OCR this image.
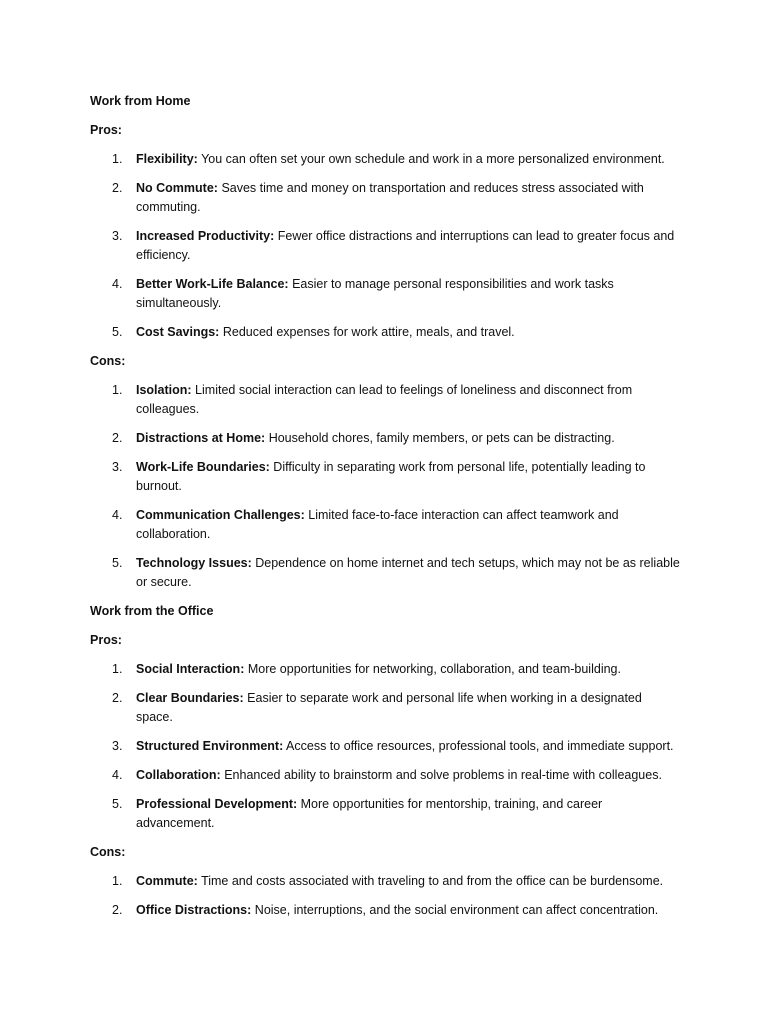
Work from Home
Pros:
1. Flexibility: You can often set your own schedule and work in a more personalized environment.
2. No Commute: Saves time and money on transportation and reduces stress associated with commuting.
3. Increased Productivity: Fewer office distractions and interruptions can lead to greater focus and efficiency.
4. Better Work-Life Balance: Easier to manage personal responsibilities and work tasks simultaneously.
5. Cost Savings: Reduced expenses for work attire, meals, and travel.
Cons:
1. Isolation: Limited social interaction can lead to feelings of loneliness and disconnect from colleagues.
2. Distractions at Home: Household chores, family members, or pets can be distracting.
3. Work-Life Boundaries: Difficulty in separating work from personal life, potentially leading to burnout.
4. Communication Challenges: Limited face-to-face interaction can affect teamwork and collaboration.
5. Technology Issues: Dependence on home internet and tech setups, which may not be as reliable or secure.
Work from the Office
Pros:
1. Social Interaction: More opportunities for networking, collaboration, and team-building.
2. Clear Boundaries: Easier to separate work and personal life when working in a designated space.
3. Structured Environment: Access to office resources, professional tools, and immediate support.
4. Collaboration: Enhanced ability to brainstorm and solve problems in real-time with colleagues.
5. Professional Development: More opportunities for mentorship, training, and career advancement.
Cons:
1. Commute: Time and costs associated with traveling to and from the office can be burdensome.
2. Office Distractions: Noise, interruptions, and the social environment can affect concentration.
